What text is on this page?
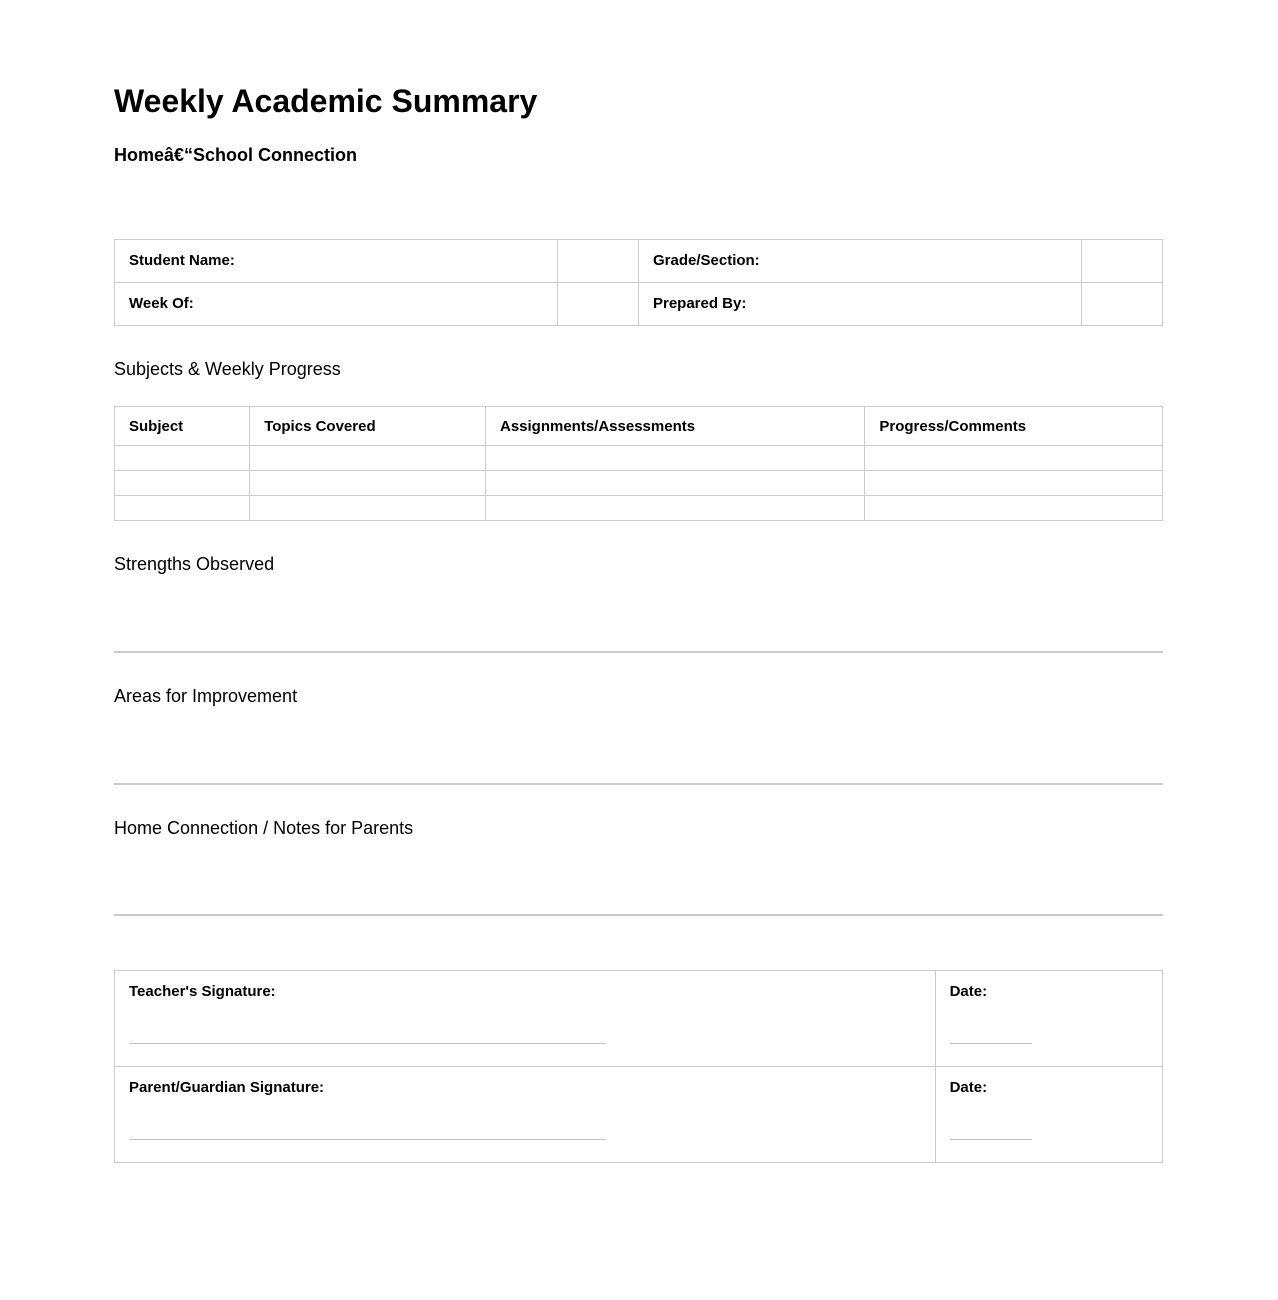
Weekly Academic Summary
Homeâ€“School Connection
Student Name:		Grade/Section:	
Week Of:		Prepared By:	
Subjects & Weekly Progress
Subject	Topics Covered	Assignments/Assessments	Progress/Comments

Strengths Observed
Areas for Improvement
Home Connection / Notes for Parents
Teacher's Signature:	Date:

Parent/Guardian Signature:	Date:
